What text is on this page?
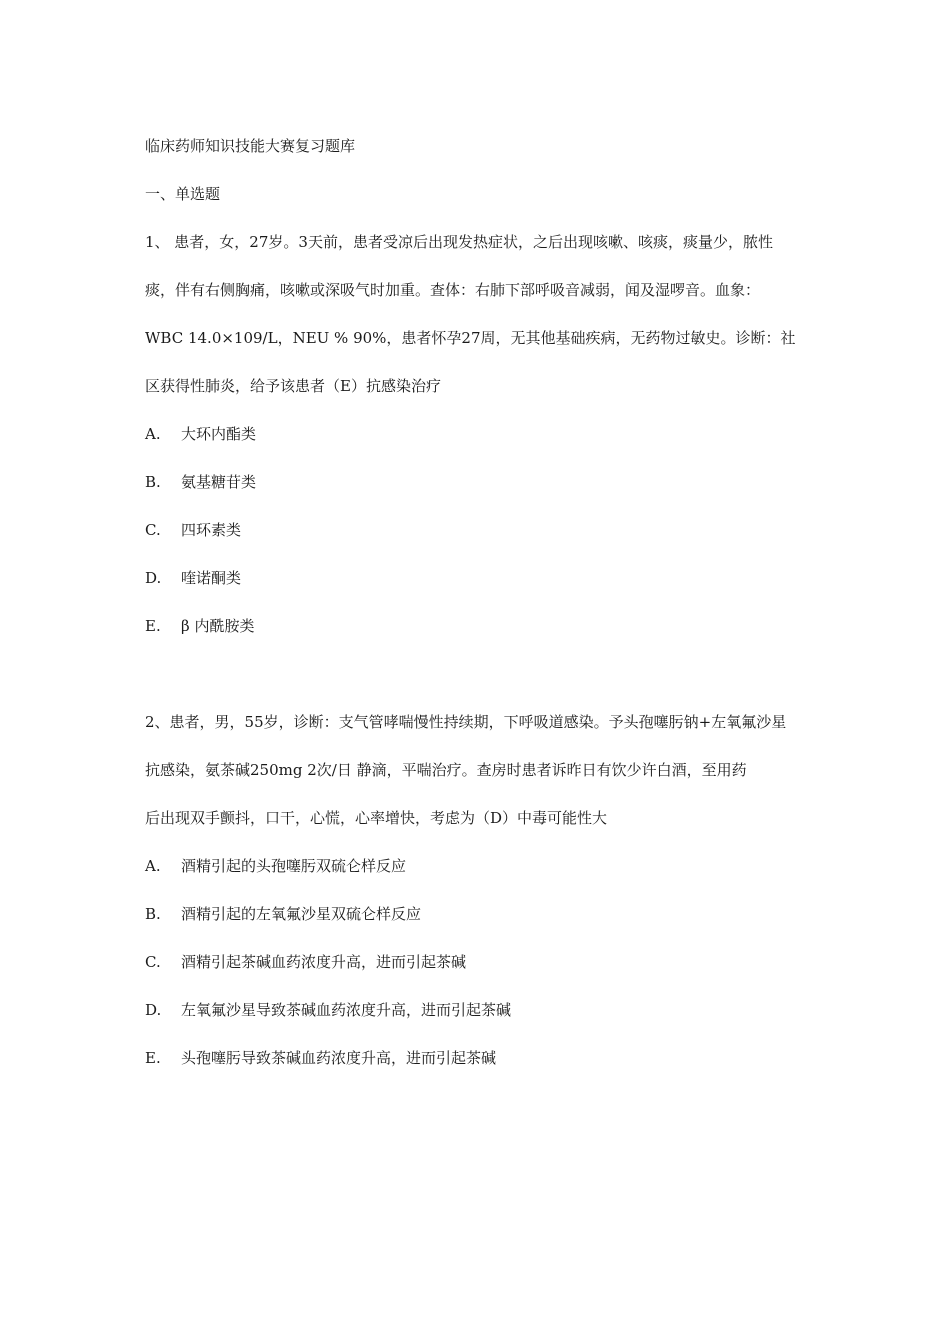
临床药师知识技能大赛复习题库
一、单选题
1、 患者，女，27岁。3天前，患者受凉后出现发热症状，之后出现咳嗽、咳痰，痰量少，脓性
痰，伴有右侧胸痛，咳嗽或深吸气时加重。查体：右肺下部呼吸音减弱，闻及湿啰音。血象：
WBC 14.0×109/L，NEU % 90%，患者怀孕27周，无其他基础疾病，无药物过敏史。诊断：社
区获得性肺炎，给予该患者（E）抗感染治疗
A.	大环内酯类
B.	氨基糖苷类
C.	四环素类
D.	喹诺酮类
E.	β 内酰胺类
2、患者，男，55岁，诊断：支气管哮喘慢性持续期，下呼吸道感染。予头孢噻肟钠+左氧氟沙星
抗感染，氨茶碱250mg 2次/日 静滴，平喘治疗。查房时患者诉昨日有饮少许白酒，至用药
后出现双手颤抖，口干，心慌，心率增快，考虑为（D）中毒可能性大
A.	酒精引起的头孢噻肟双硫仑样反应
B.	酒精引起的左氧氟沙星双硫仑样反应
C.	酒精引起茶碱血药浓度升高，进而引起茶碱
D.	左氧氟沙星导致茶碱血药浓度升高，进而引起茶碱
E.	头孢噻肟导致茶碱血药浓度升高，进而引起茶碱
